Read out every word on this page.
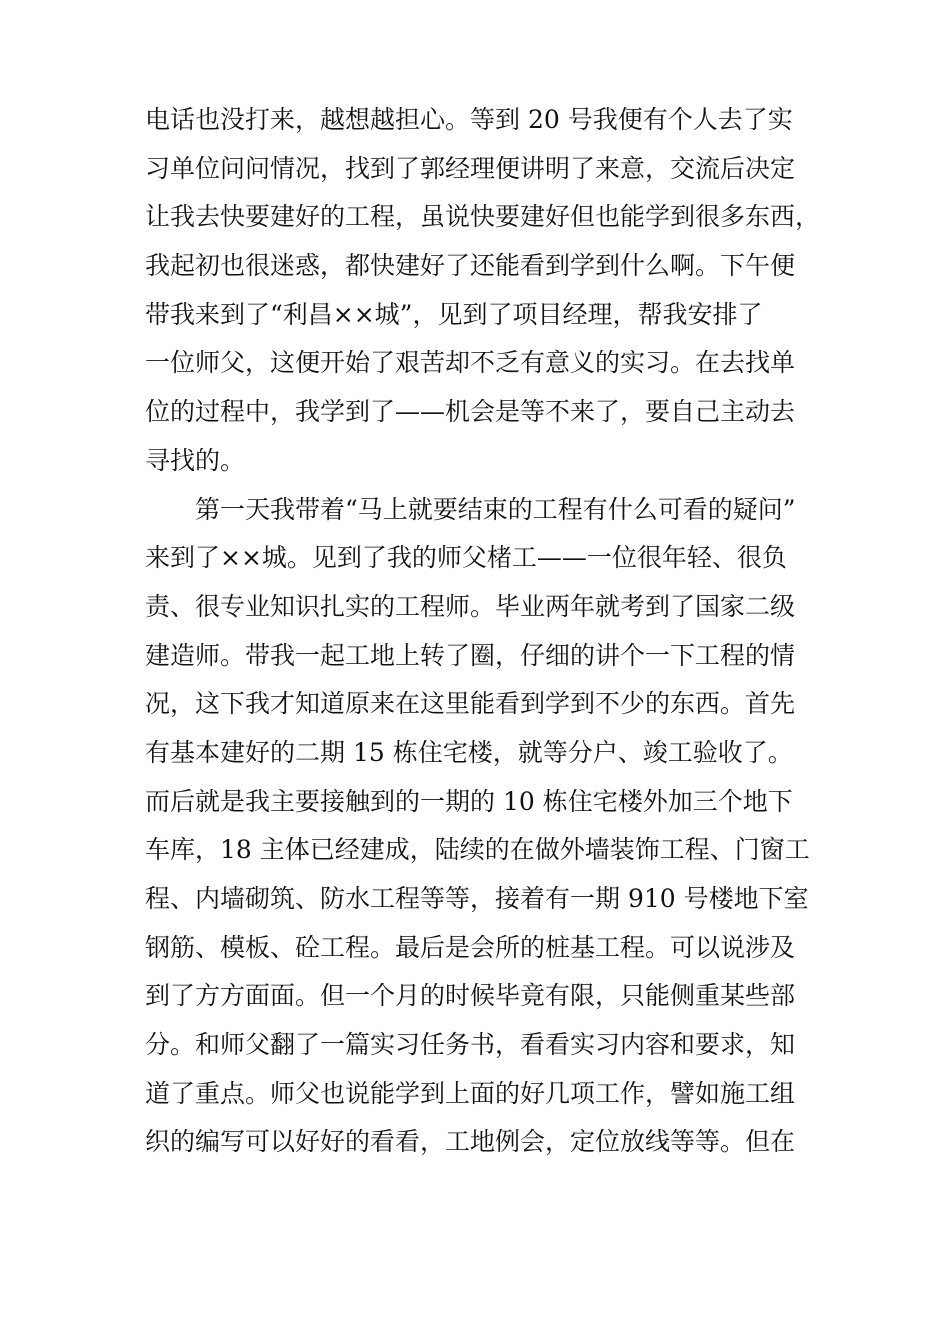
电话也没打来，越想越担心。等到 20 号我便有个人去了实
习单位问问情况，找到了郭经理便讲明了来意，交流后决定
让我去快要建好的工程，虽说快要建好但也能学到很多东西，
我起初也很迷惑，都快建好了还能看到学到什么啊。下午便
带我来到了“利昌××城”，见到了项目经理，帮我安排了
一位师父，这便开始了艰苦却不乏有意义的实习。在去找单
位的过程中，我学到了——机会是等不来了，要自己主动去
寻找的。
　　第一天我带着“马上就要结束的工程有什么可看的疑问”
来到了××城。见到了我的师父楮工——一位很年轻、很负
责、很专业知识扎实的工程师。毕业两年就考到了国家二级
建造师。带我一起工地上转了圈，仔细的讲个一下工程的情
况，这下我才知道原来在这里能看到学到不少的东西。首先
有基本建好的二期 15 栋住宅楼，就等分户、竣工验收了。
而后就是我主要接触到的一期的 10 栋住宅楼外加三个地下
车库，18 主体已经建成，陆续的在做外墙装饰工程、门窗工
程、内墙砌筑、防水工程等等，接着有一期 910 号楼地下室
钢筋、模板、砼工程。最后是会所的桩基工程。可以说涉及
到了方方面面。但一个月的时候毕竟有限，只能侧重某些部
分。和师父翻了一篇实习任务书，看看实习内容和要求，知
道了重点。师父也说能学到上面的好几项工作，譬如施工组
织的编写可以好好的看看，工地例会，定位放线等等。但在
